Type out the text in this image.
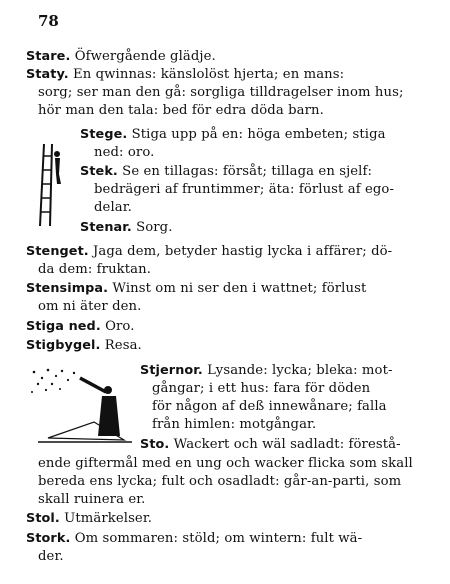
78
Stare. Öfwergående glädje.
Staty. En qwinnas: känslolöst hjerta; en mans:
sorg; ser man den gå: sorgliga tilldragelser inom hus;
hör man den tala: bed för edra döda barn.
Stege. Stiga upp på en: höga embeten; stiga
ned: oro.
Stek. Se en tillagas: försåt; tillaga en sjelf:
bedrägeri af fruntimmer; äta: förlust af ego-
delar.
Stenar. Sorg.
Stenget. Jaga dem, betyder hastig lycka i affärer; dö-
da dem: fruktan.
Stensimpa. Winst om ni ser den i wattnet; förlust
om ni äter den.
Stiga ned. Oro.
Stigbygel. Resa.
Stjernor. Lysande: lycka; bleka: mot-
gångar; i ett hus: fara för döden
för någon af deß innewånare; falla
från himlen: motgångar.
Sto. Wackert och wäl sadladt: förestå-
ende giftermål med en ung och wacker flicka som skall
bereda ens lycka; fult och osadladt: går-an-parti, som
skall ruinera er.
Stol. Utmärkelser.
Stork. Om sommaren: stöld; om wintern: fult wä-
der.
